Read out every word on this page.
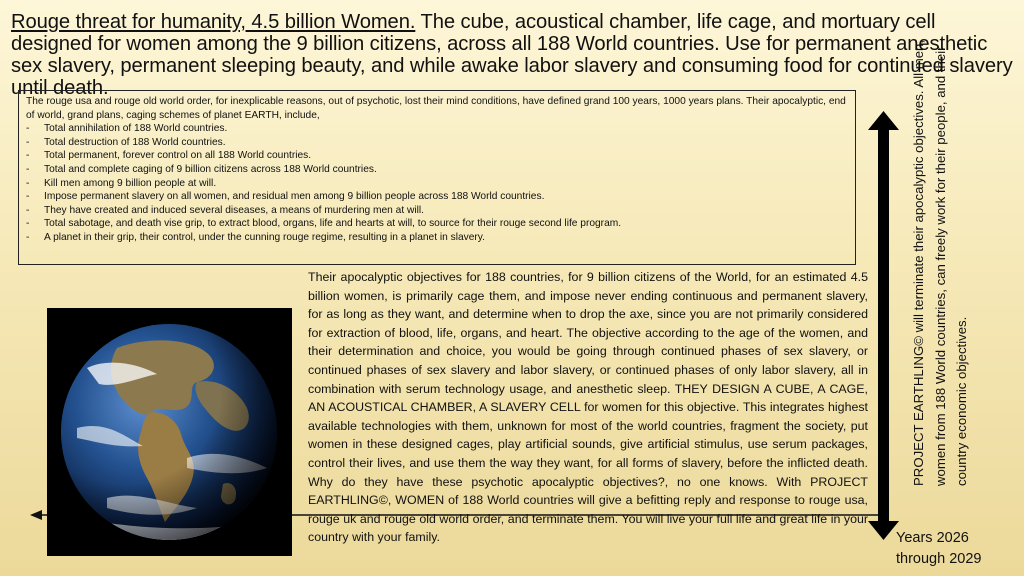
Rouge threat for humanity, 4.5 billion Women. The cube, acoustical chamber, life cage, and mortuary cell designed for women among the 9 billion citizens, across all 188 World countries. Use for permanent anesthetic sex slavery, permanent sleeping beauty, and while awake labor slavery and consuming food for continued slavery until death.

The rouge usa and rouge old world order, for inexplicable reasons, out of psychotic, lost their mind conditions, have defined grand 100 years, 1000 years plans. Their apocalyptic, end of world, grand plans, caging schemes of planet EARTH, include,

- Total annihilation of 188 World countries.
- Total destruction of 188 World countries.
- Total permanent, forever control on all 188 World countries.
- Total and complete caging of 9 billion citizens across 188 World countries.
- Kill men among 9 billion people at will.
- Impose permanent slavery on all women, and residual men among 9 billion people across 188 World countries.
- They have created and induced several diseases, a means of murdering men at will.
- Total sabotage, and death vise grip, to extract blood, organs, life and hearts at will, to source for their rouge second life program.
- A planet in their grip, their control, under the cunning rouge regime, resulting in a planet in slavery.
Their apocalyptic objectives for 188 countries, for 9 billion citizens of the World, for an estimated 4.5 billion women, is primarily cage them, and impose never ending continuous and permanent slavery, for as long as they want, and determine when to drop the axe, since you are not primarily considered for extraction of blood, life, organs, and heart. The objective according to the age of the women, and their determination and choice, you would be going through continued phases of sex slavery, or continued phases of sex slavery and labor slavery, or continued phases of only labor slavery, all in combination with serum technology usage, and anesthetic sleep. THEY DESIGN A CUBE, A CAGE, AN ACOUSTICAL CHAMBER, A SLAVERY CELL for women for this objective. This integrates highest available technologies with them, unknown for most of the world countries, fragment the society, put women in these designed cages, play artificial sounds, give artificial stimulus, use serum packages, control their lives, and use them the way they want, for all forms of slavery, before the inflicted death. Why do they have these psychotic apocalyptic objectives?, no one knows. With PROJECT EARTHLING©, WOMEN of 188 World countries will give a befitting reply and response to rouge usa, rouge uk and rouge old world order, and terminate them. You will live your full life and great life in your country with your family.
PROJECT EARTHLING© will terminate their apocalyptic objectives. All men, women from 188 World countries, can freely work for their people, and their country economic objectives.
Years 2026 through 2029
